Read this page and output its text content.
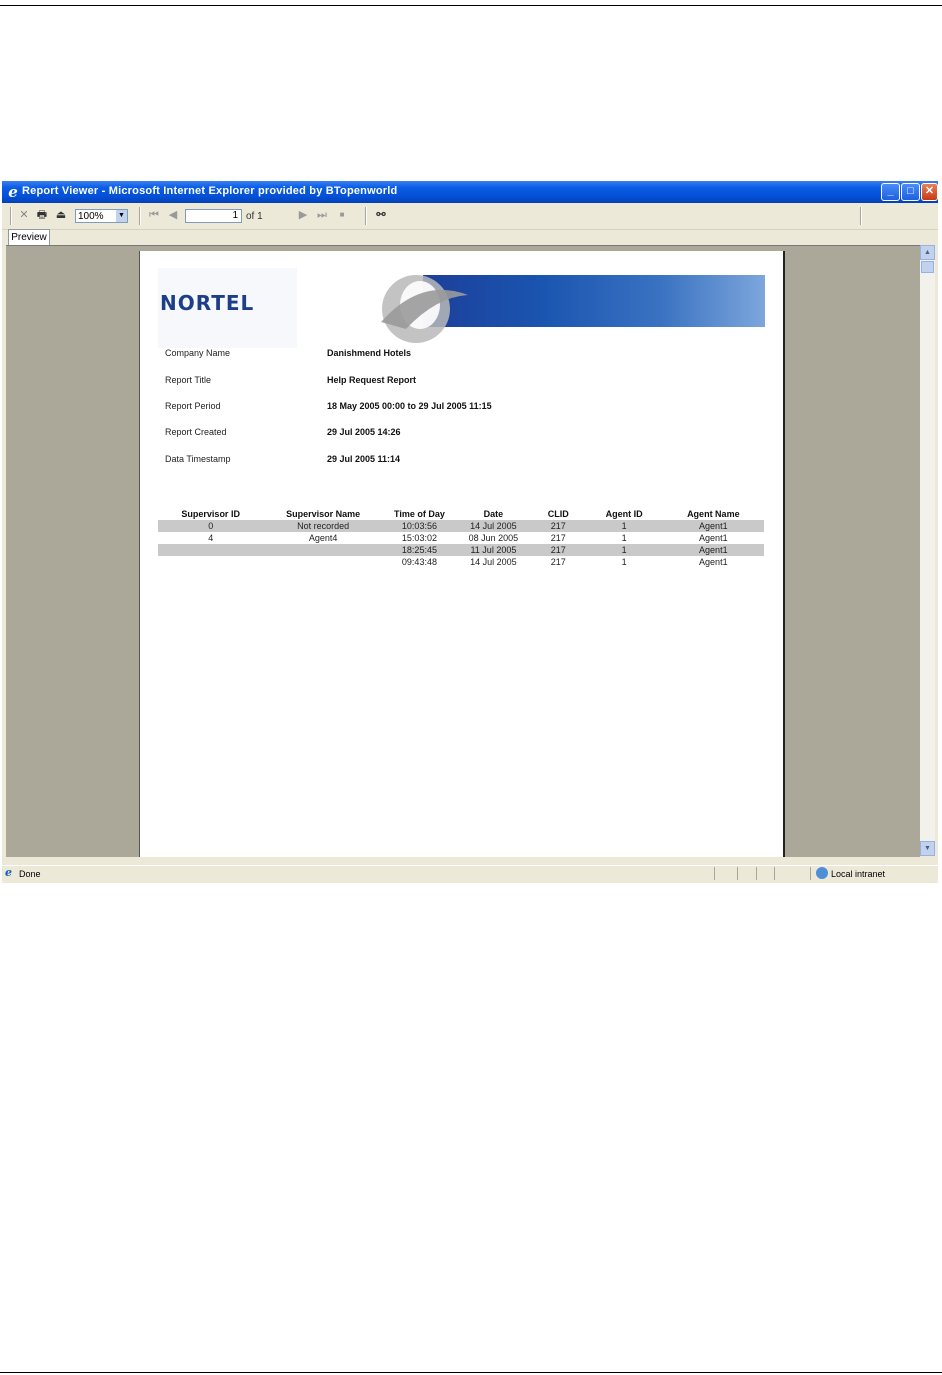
e Report Viewer - Microsoft Internet Explorer provided by BTopenworld	_	□	✕
✕ 🖶 ⏏	100% ▼ ⏮ ◀	1 of 1	▶ ⏭	■	⚯
Preview
NORTEL
Company Name	Danishmend Hotels
Report Title	Help Request Report
Report Period	18 May 2005 00:00 to 29 Jul 2005 11:15
Report Created	29 Jul 2005 14:26
Data Timestamp	29 Jul 2005 11:14
Supervisor ID	Supervisor Name	Time of Day	Date	CLID	Agent ID	Agent Name
0	Not recorded	10:03:56	14 Jul 2005	217	1	Agent1
4	Agent4	15:03:02	08 Jun 2005	217	1	Agent1
		18:25:45	11 Jul 2005	217	1	Agent1
		09:43:48	14 Jul 2005	217	1	Agent1
▲
▼
e Done	Local intranet
